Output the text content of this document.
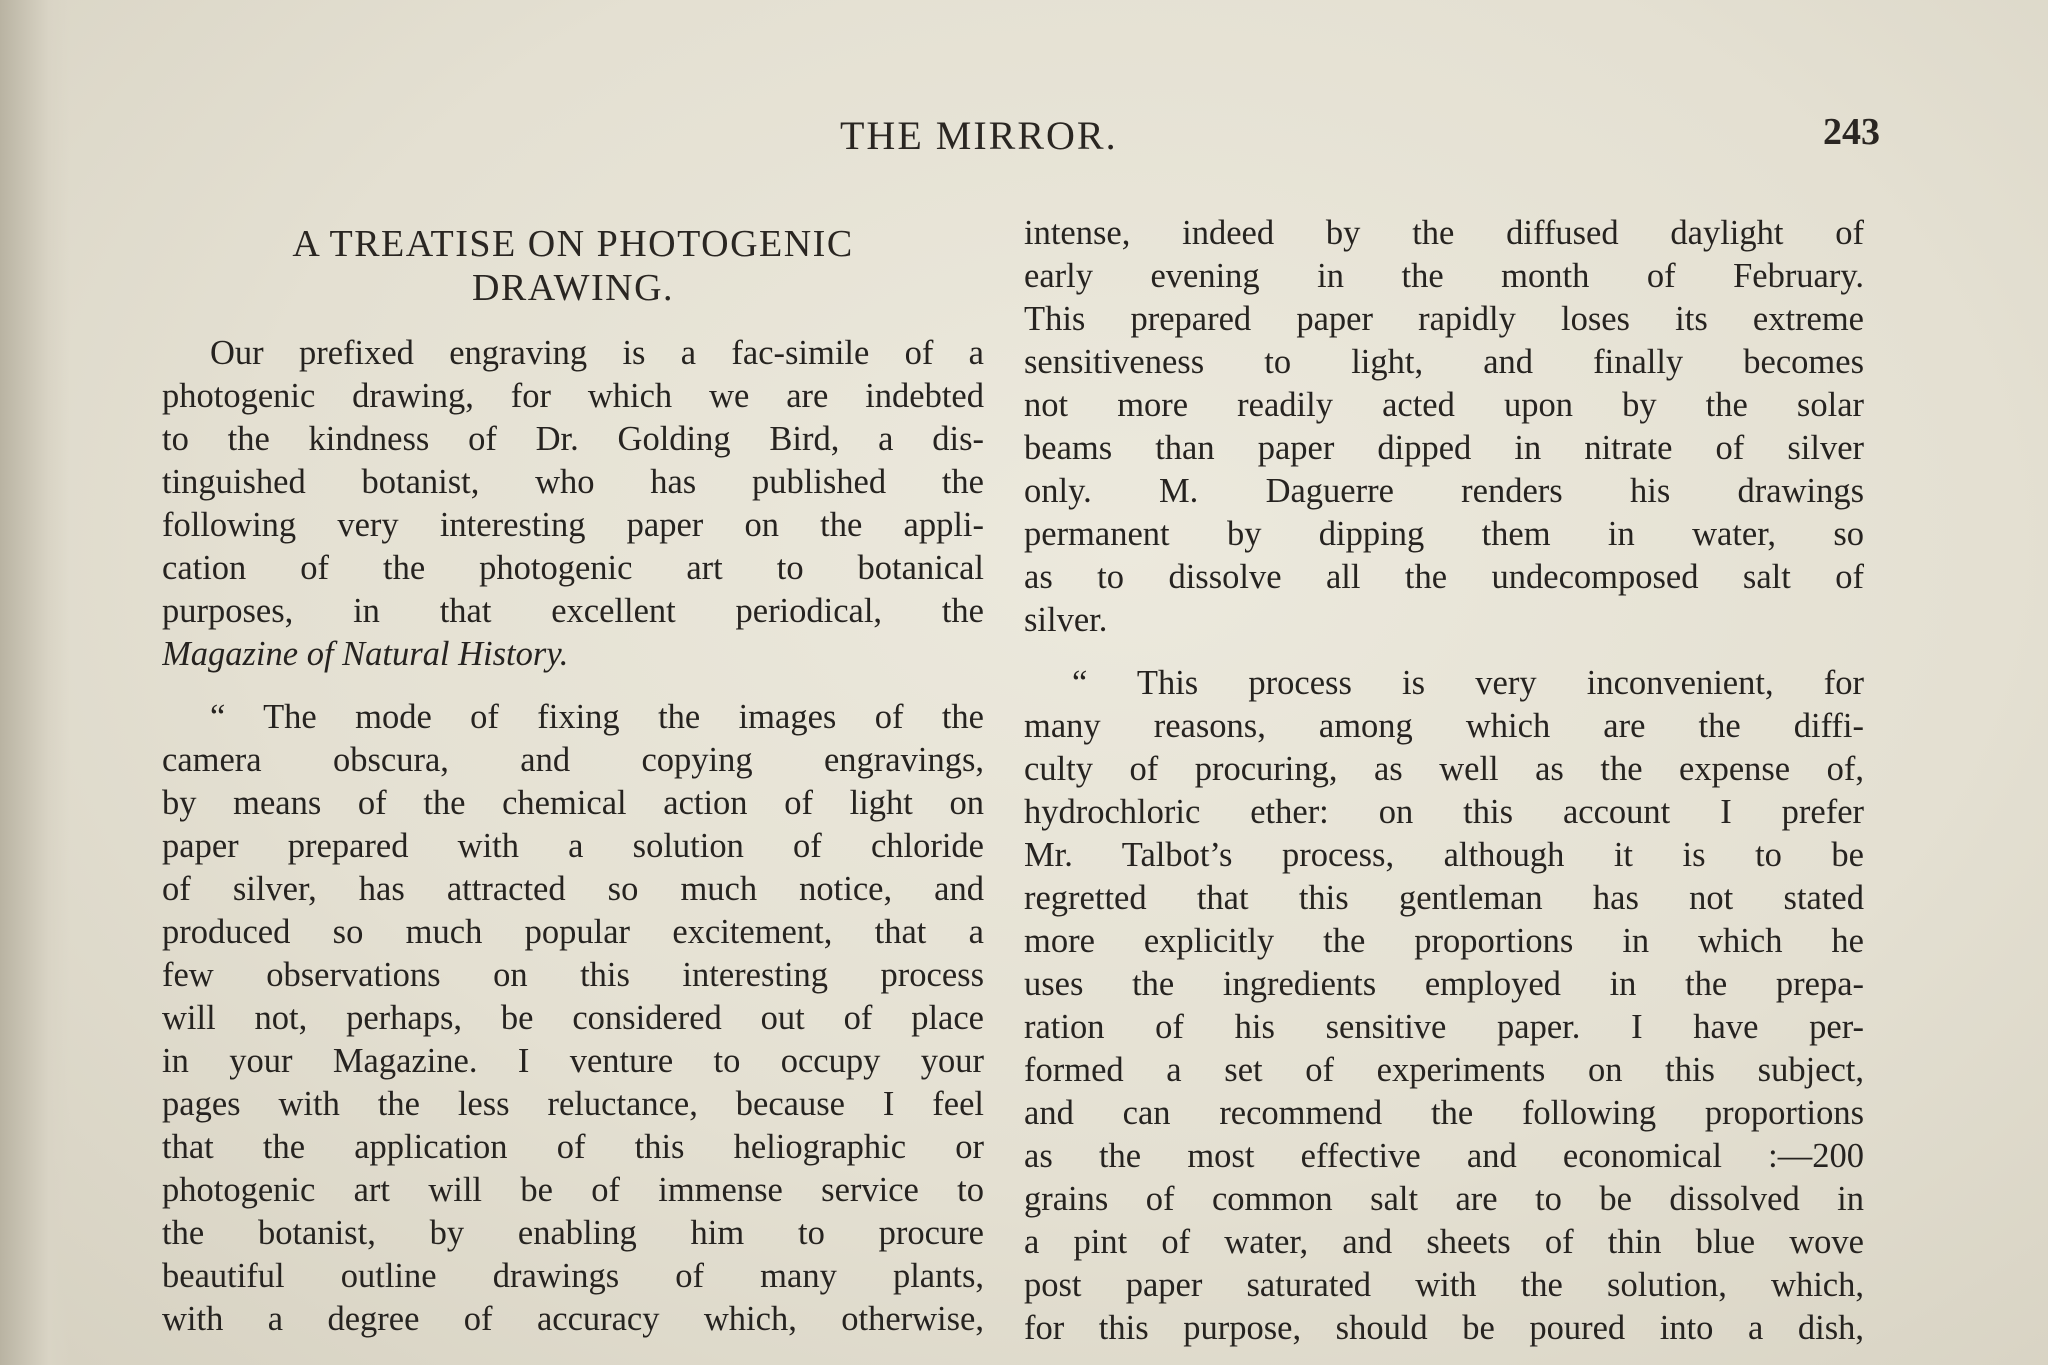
THE MIRROR.	243
A TREATISE ON PHOTOGENIC
DRAWING.
Our prefixed engraving is a fac-simile of a
photogenic drawing, for which we are indebted
to the kindness of Dr. Golding Bird, a dis-
tinguished botanist, who has published the
following very interesting paper on the appli-
cation of the photogenic art to botanical
purposes, in that excellent periodical, the
Magazine of Natural History.
“ The mode of fixing the images of the
camera obscura, and copying engravings,
by means of the chemical action of light on
paper prepared with a solution of chloride
of silver, has attracted so much notice, and
produced so much popular excitement, that a
few observations on this interesting process
will not, perhaps, be considered out of place
in your Magazine. I venture to occupy your
pages with the less reluctance, because I feel
that the application of this heliographic or
photogenic art will be of immense service to
the botanist, by enabling him to procure
beautiful outline drawings of many plants,
with a degree of accuracy which, otherwise,
intense, indeed by the diffused daylight of
early evening in the month of February.
This prepared paper rapidly loses its extreme
sensitiveness to light, and finally becomes
not more readily acted upon by the solar
beams than paper dipped in nitrate of silver
only. M. Daguerre renders his drawings
permanent by dipping them in water, so
as to dissolve all the undecomposed salt of
silver.
“ This process is very inconvenient, for
many reasons, among which are the diffi-
culty of procuring, as well as the expense of,
hydrochloric ether: on this account I prefer
Mr. Talbot’s process, although it is to be
regretted that this gentleman has not stated
more explicitly the proportions in which he
uses the ingredients employed in the prepa-
ration of his sensitive paper. I have per-
formed a set of experiments on this subject,
and can recommend the following proportions
as the most effective and economical :—200
grains of common salt are to be dissolved in
a pint of water, and sheets of thin blue wove
post paper saturated with the solution, which,
for this purpose, should be poured into a dish,
